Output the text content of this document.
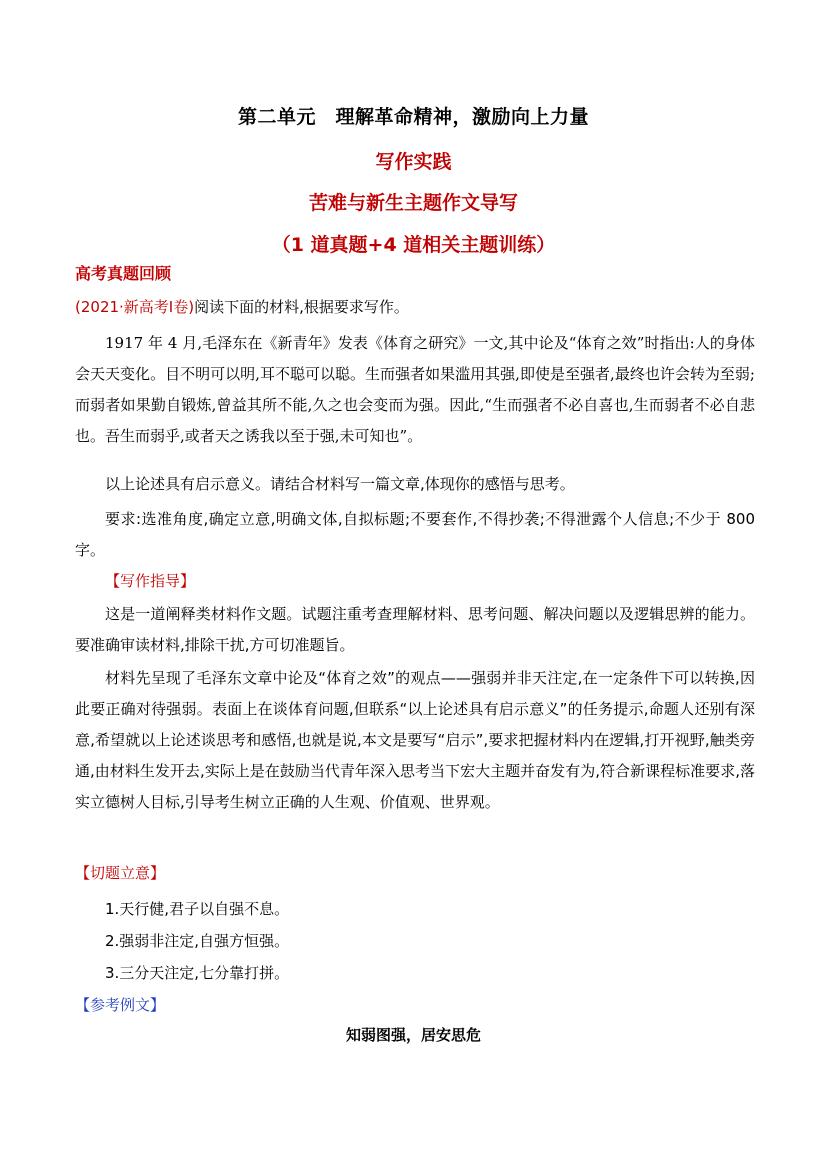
第二单元　理解革命精神，激励向上力量
写作实践
苦难与新生主题作文导写
（1 道真题+4 道相关主题训练）
高考真题回顾
(2021·新高考Ⅰ卷)阅读下面的材料,根据要求写作。
1917 年 4 月,毛泽东在《新青年》发表《体育之研究》一文,其中论及“体育之效”时指出:人的身体会天天变化。目不明可以明,耳不聪可以聪。生而强者如果滥用其强,即使是至强者,最终也许会转为至弱;而弱者如果勤自锻炼,曾益其所不能,久之也会变而为强。因此,“生而强者不必自喜也,生而弱者不必自悲也。吾生而弱乎,或者天之诱我以至于强,未可知也”。
以上论述具有启示意义。请结合材料写一篇文章,体现你的感悟与思考。
要求:选准角度,确定立意,明确文体,自拟标题;不要套作,不得抄袭;不得泄露个人信息;不少于 800 字。
【写作指导】
这是一道阐释类材料作文题。试题注重考查理解材料、思考问题、解决问题以及逻辑思辨的能力。要准确审读材料,排除干扰,方可切准题旨。
材料先呈现了毛泽东文章中论及“体育之效”的观点——强弱并非天注定,在一定条件下可以转换,因此要正确对待强弱。表面上在谈体育问题,但联系“以上论述具有启示意义”的任务提示,命题人还别有深意,希望就以上论述谈思考和感悟,也就是说,本文是要写“启示”,要求把握材料内在逻辑,打开视野,触类旁通,由材料生发开去,实际上是在鼓励当代青年深入思考当下宏大主题并奋发有为,符合新课程标准要求,落实立德树人目标,引导考生树立正确的人生观、价值观、世界观。
【切题立意】
1.天行健,君子以自强不息。
2.强弱非注定,自强方恒强。
3.三分天注定,七分靠打拼。
【参考例文】
知弱图强，居安思危
